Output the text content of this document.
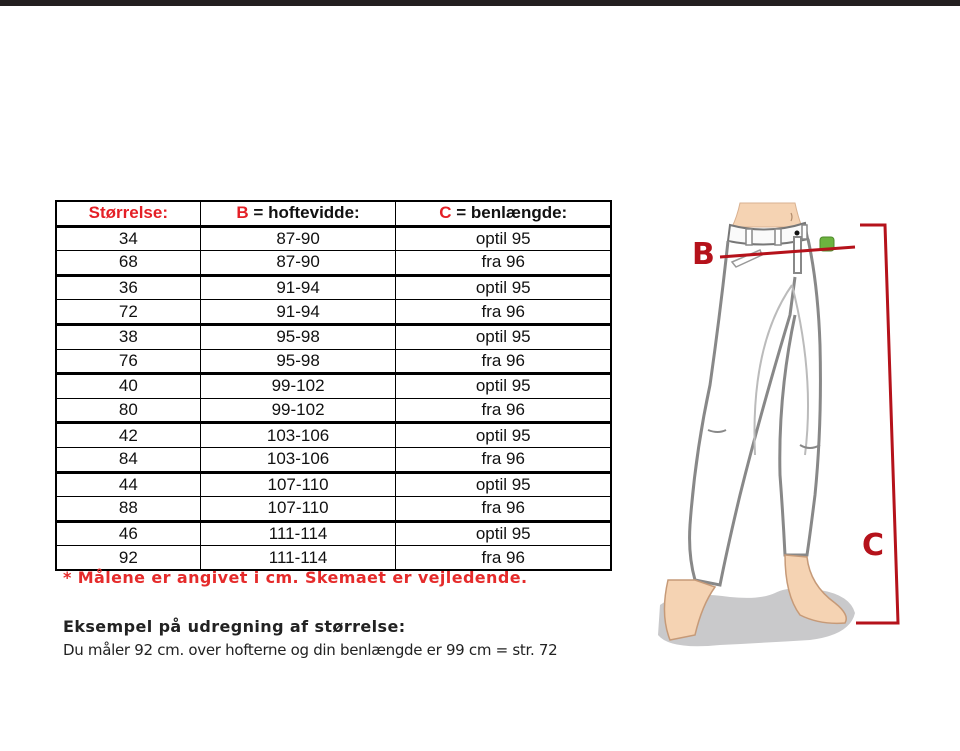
Størrelse:	B = hoftevidde:	C = benlængde:
34	87-90	optil 95
68	87-90	fra 96
36	91-94	optil 95
72	91-94	fra 96
38	95-98	optil 95
76	95-98	fra 96
40	99-102	optil 95
80	99-102	fra 96
42	103-106	optil 95
84	103-106	fra 96
44	107-110	optil 95
88	107-110	fra 96
46	111-114	optil 95
92	111-114	fra 96
* Målene er angivet i cm. Skemaet er vejledende.
Eksempel på udregning af størrelse:
Du måler 92 cm. over hofterne og din benlængde er 99 cm = str. 72
B
C
